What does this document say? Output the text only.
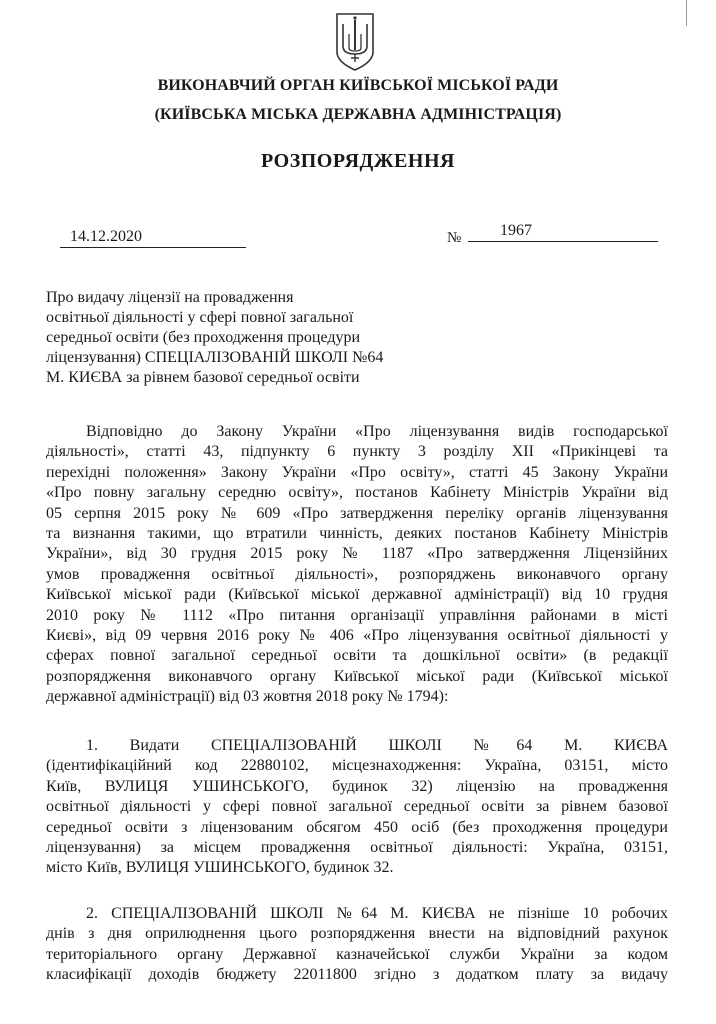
ВИКОНАВЧИЙ ОРГАН КИЇВСЬКОЇ МІСЬКОЇ РАДИ
(КИЇВСЬКА МІСЬКА ДЕРЖАВНА АДМІНІСТРАЦІЯ)
РОЗПОРЯДЖЕННЯ
14.12.2020	№ 1967

Про видачу ліцензії на провадження
освітньої діяльності у сфері повної загальної
середньої освіти (без проходження процедури
ліцензування) СПЕЦІАЛІЗОВАНІЙ ШКОЛІ №64
М. КИЄВА за рівнем базової середньої освіти

Відповідно до Закону України «Про ліцензування видів господарської
діяльності», статті 43, підпункту 6 пункту 3 розділу XII «Прикінцеві та
перехідні положення» Закону України «Про освіту», статті 45 Закону України
«Про повну загальну середню освіту», постанов Кабінету Міністрів України від
05 серпня 2015 року № 609 «Про затвердження переліку органів ліцензування
та визнання такими, що втратили чинність, деяких постанов Кабінету Міністрів
України», від 30 грудня 2015 року № 1187 «Про затвердження Ліцензійних
умов провадження освітньої діяльності», розпоряджень виконавчого органу
Київської міської ради (Київської міської державної адміністрації) від 10 грудня
2010 року № 1112 «Про питання організації управління районами в місті
Києві», від 09 червня 2016 року № 406 «Про ліцензування освітньої діяльності у
сферах повної загальної середньої освіти та дошкільної освіти» (в редакції
розпорядження виконавчого органу Київської міської ради (Київської міської
державної адміністрації) від 03 жовтня 2018 року № 1794):

1. Видати СПЕЦІАЛІЗОВАНІЙ ШКОЛІ №64 М. КИЄВА
(ідентифікаційний код 22880102, місцезнаходження: Україна, 03151, місто
Київ, ВУЛИЦЯ УШИНСЬКОГО, будинок 32) ліцензію на провадження
освітньої діяльності у сфері повної загальної середньої освіти за рівнем базової
середньої освіти з ліцензованим обсягом 450 осіб (без проходження процедури
ліцензування) за місцем провадження освітньої діяльності: Україна, 03151,
місто Київ, ВУЛИЦЯ УШИНСЬКОГО, будинок 32.

2. СПЕЦІАЛІЗОВАНІЙ ШКОЛІ №64 М. КИЄВА не пізніше 10 робочих
днів з дня оприлюднення цього розпорядження внести на відповідний рахунок
територіального органу Державної казначейської служби України за кодом
класифікації доходів бюджету 22011800 згідно з додатком плату за видачу
